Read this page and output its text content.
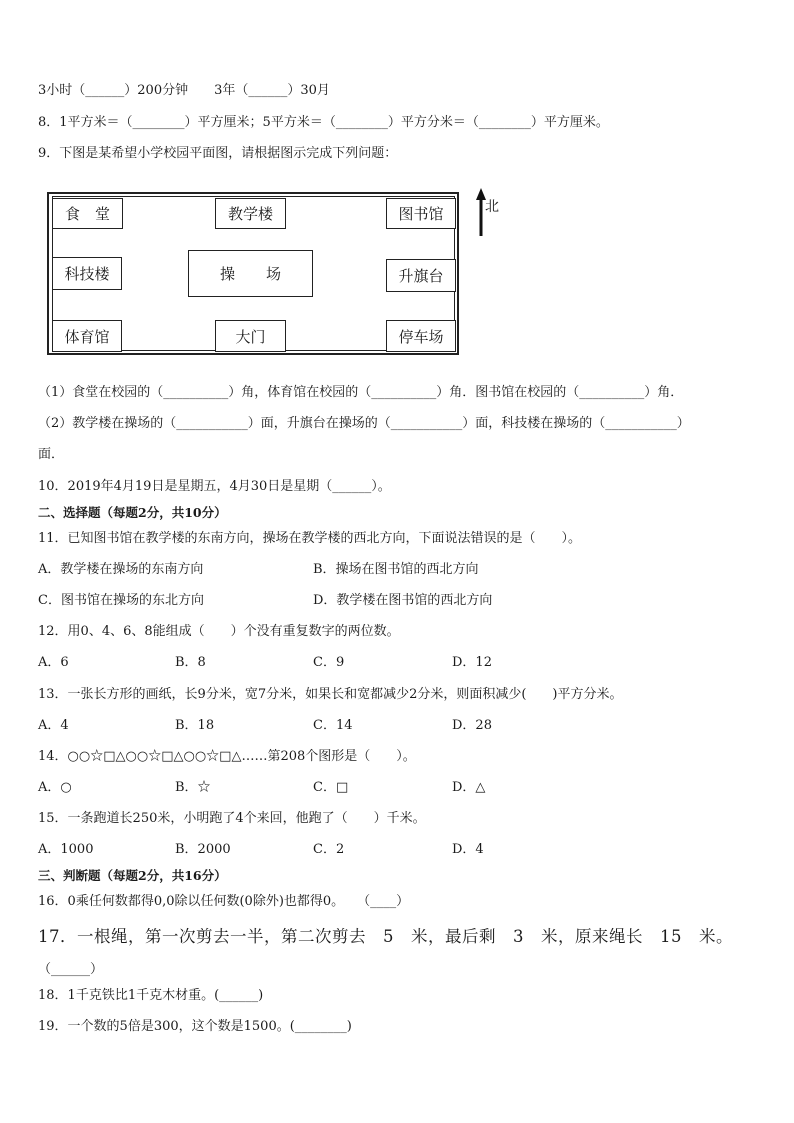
3小时（______）200分钟　　3年（______）30月
8．1平方米＝（________）平方厘米；5平方米＝（________）平方分米＝（________）平方厘米。
9．下图是某希望小学校园平面图，请根据图示完成下列问题：
食　堂	教学楼	图书馆
科技楼	操　场	升旗台
体育馆	大门	停车场
北
（1）食堂在校园的（__________）角，体育馆在校园的（__________）角．图书馆在校园的（__________）角．
（2）教学楼在操场的（___________）面，升旗台在操场的（___________）面，科技楼在操场的（___________）
面．
10．2019年4月19日是星期五，4月30日是星期（______）。
二、选择题（每题2分，共10分）
11．已知图书馆在教学楼的东南方向，操场在教学楼的西北方向，下面说法错误的是（　　）。
A．教学楼在操场的东南方向	B．操场在图书馆的西北方向
C．图书馆在操场的东北方向	D．教学楼在图书馆的西北方向
12．用0、4、6、8能组成（　　）个没有重复数字的两位数。
A．6	B．8	C．9	D．12
13．一张长方形的画纸，长9分米，宽7分米，如果长和宽都减少2分米，则面积减少(　　)平方分米。
A．4	B．18	C．14	D．28
14．○○☆□△○○☆□△○○☆□△……第208个图形是（　　）。
A．○	B．☆	C．□	D．△
15．一条跑道长250米，小明跑了4个来回，他跑了（　　）千米。
A．1000	B．2000	C．2	D．4
三、判断题（每题2分，共16分）
16．0乘任何数都得0,0除以任何数(0除外)也都得0。　　（____）
17．一根绳，第一次剪去一半，第二次剪去　5　米，最后剩　3　米，原来绳长　15　米。
（______）
18．1千克铁比1千克木材重。(______)
19．一个数的5倍是300，这个数是1500。(________)
